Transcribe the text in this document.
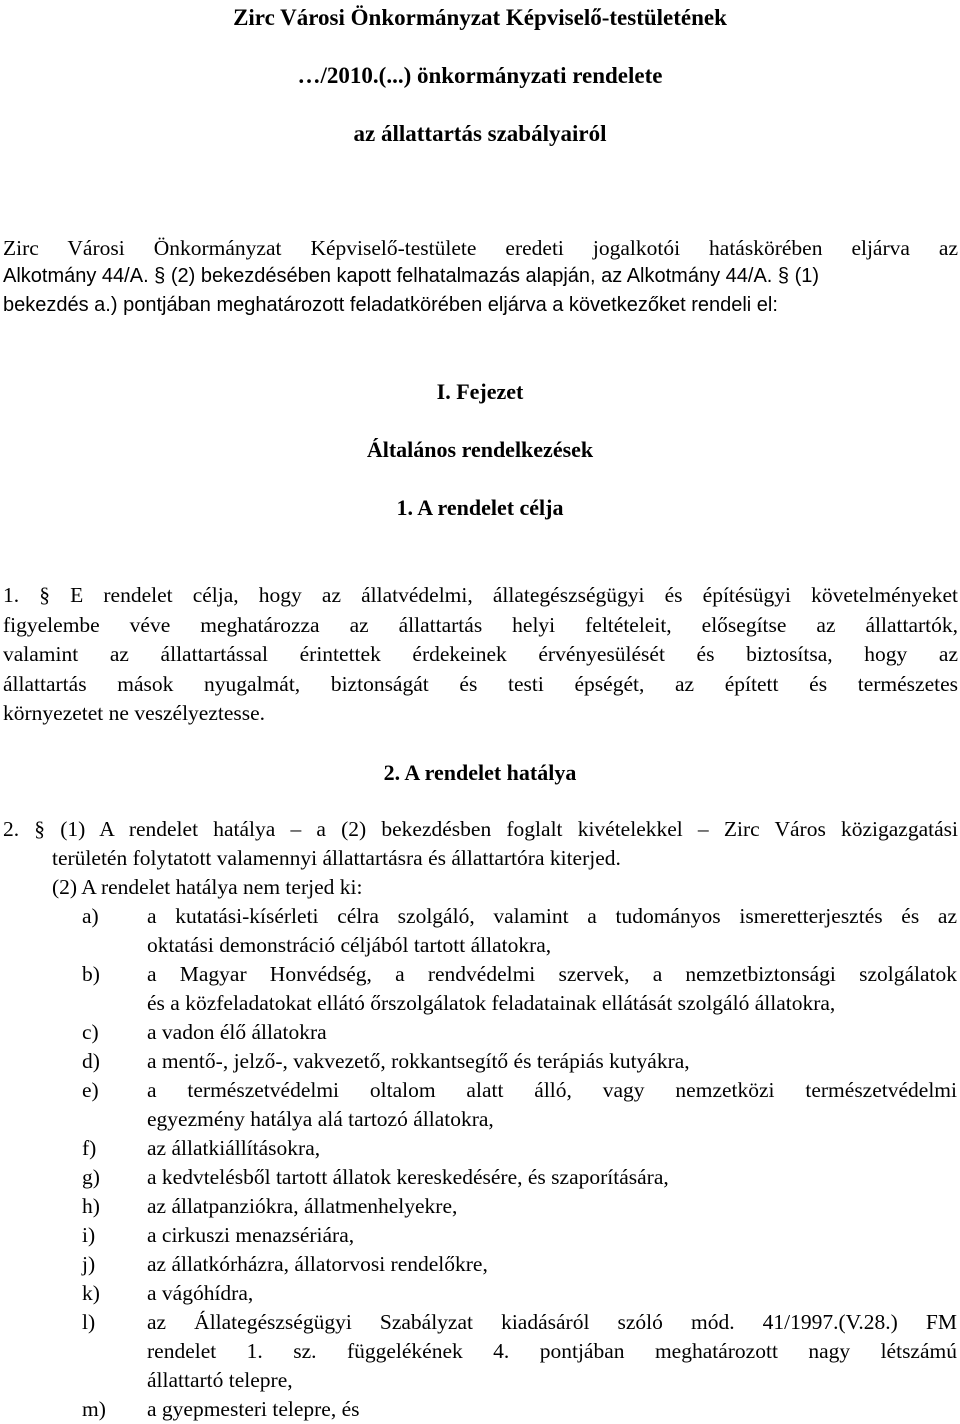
Zirc Városi Önkormányzat Képviselő-testületének
…/2010.(...) önkormányzati rendelete
az állattartás szabályairól
Zirc Városi Önkormányzat Képviselő-testülete eredeti jogalkotói hatáskörében eljárva az
Alkotmány 44/A. § (2) bekezdésében kapott felhatalmazás alapján, az Alkotmány 44/A. § (1)
bekezdés a.) pontjában meghatározott feladatkörében eljárva a következőket rendeli el:
I. Fejezet
Általános rendelkezések
1. A rendelet célja
1. § E rendelet célja, hogy az állatvédelmi, állategészségügyi és építésügyi követelményeket
figyelembe véve meghatározza az állattartás helyi feltételeit, elősegítse az állattartók,
valamint az állattartással érintettek érdekeinek érvényesülését és biztosítsa, hogy az
állattartás mások nyugalmát, biztonságát és testi épségét, az épített és természetes
környezetet ne veszélyeztesse.
2. A rendelet hatálya
2. § (1) A rendelet hatálya – a (2) bekezdésben foglalt kivételekkel – Zirc Város közigazgatási
területén folytatott valamennyi állattartásra és állattartóra kiterjed.
(2) A rendelet hatálya nem terjed ki:
a) a kutatási-kísérleti célra szolgáló, valamint a tudományos ismeretterjesztés és az
oktatási demonstráció céljából tartott állatokra,
b) a Magyar Honvédség, a rendvédelmi szervek, a nemzetbiztonsági szolgálatok
és a közfeladatokat ellátó őrszolgálatok feladatainak ellátását szolgáló állatokra,
c) a vadon élő állatokra
d) a mentő-, jelző-, vakvezető, rokkantsegítő és terápiás kutyákra,
e) a természetvédelmi oltalom alatt álló, vagy nemzetközi természetvédelmi
egyezmény hatálya alá tartozó állatokra,
f) az állatkiállításokra,
g) a kedvtelésből tartott állatok kereskedésére, és szaporítására,
h) az állatpanziókra, állatmenhelyekre,
i) a cirkuszi menazsériára,
j) az állatkórházra, állatorvosi rendelőkre,
k) a vágóhídra,
l) az Állategészségügyi Szabályzat kiadásáról szóló mód. 41/1997.(V.28.) FM
rendelet 1. sz. függelékének 4. pontjában meghatározott nagy létszámú
állattartó telepre,
m) a gyepmesteri telepre, és
